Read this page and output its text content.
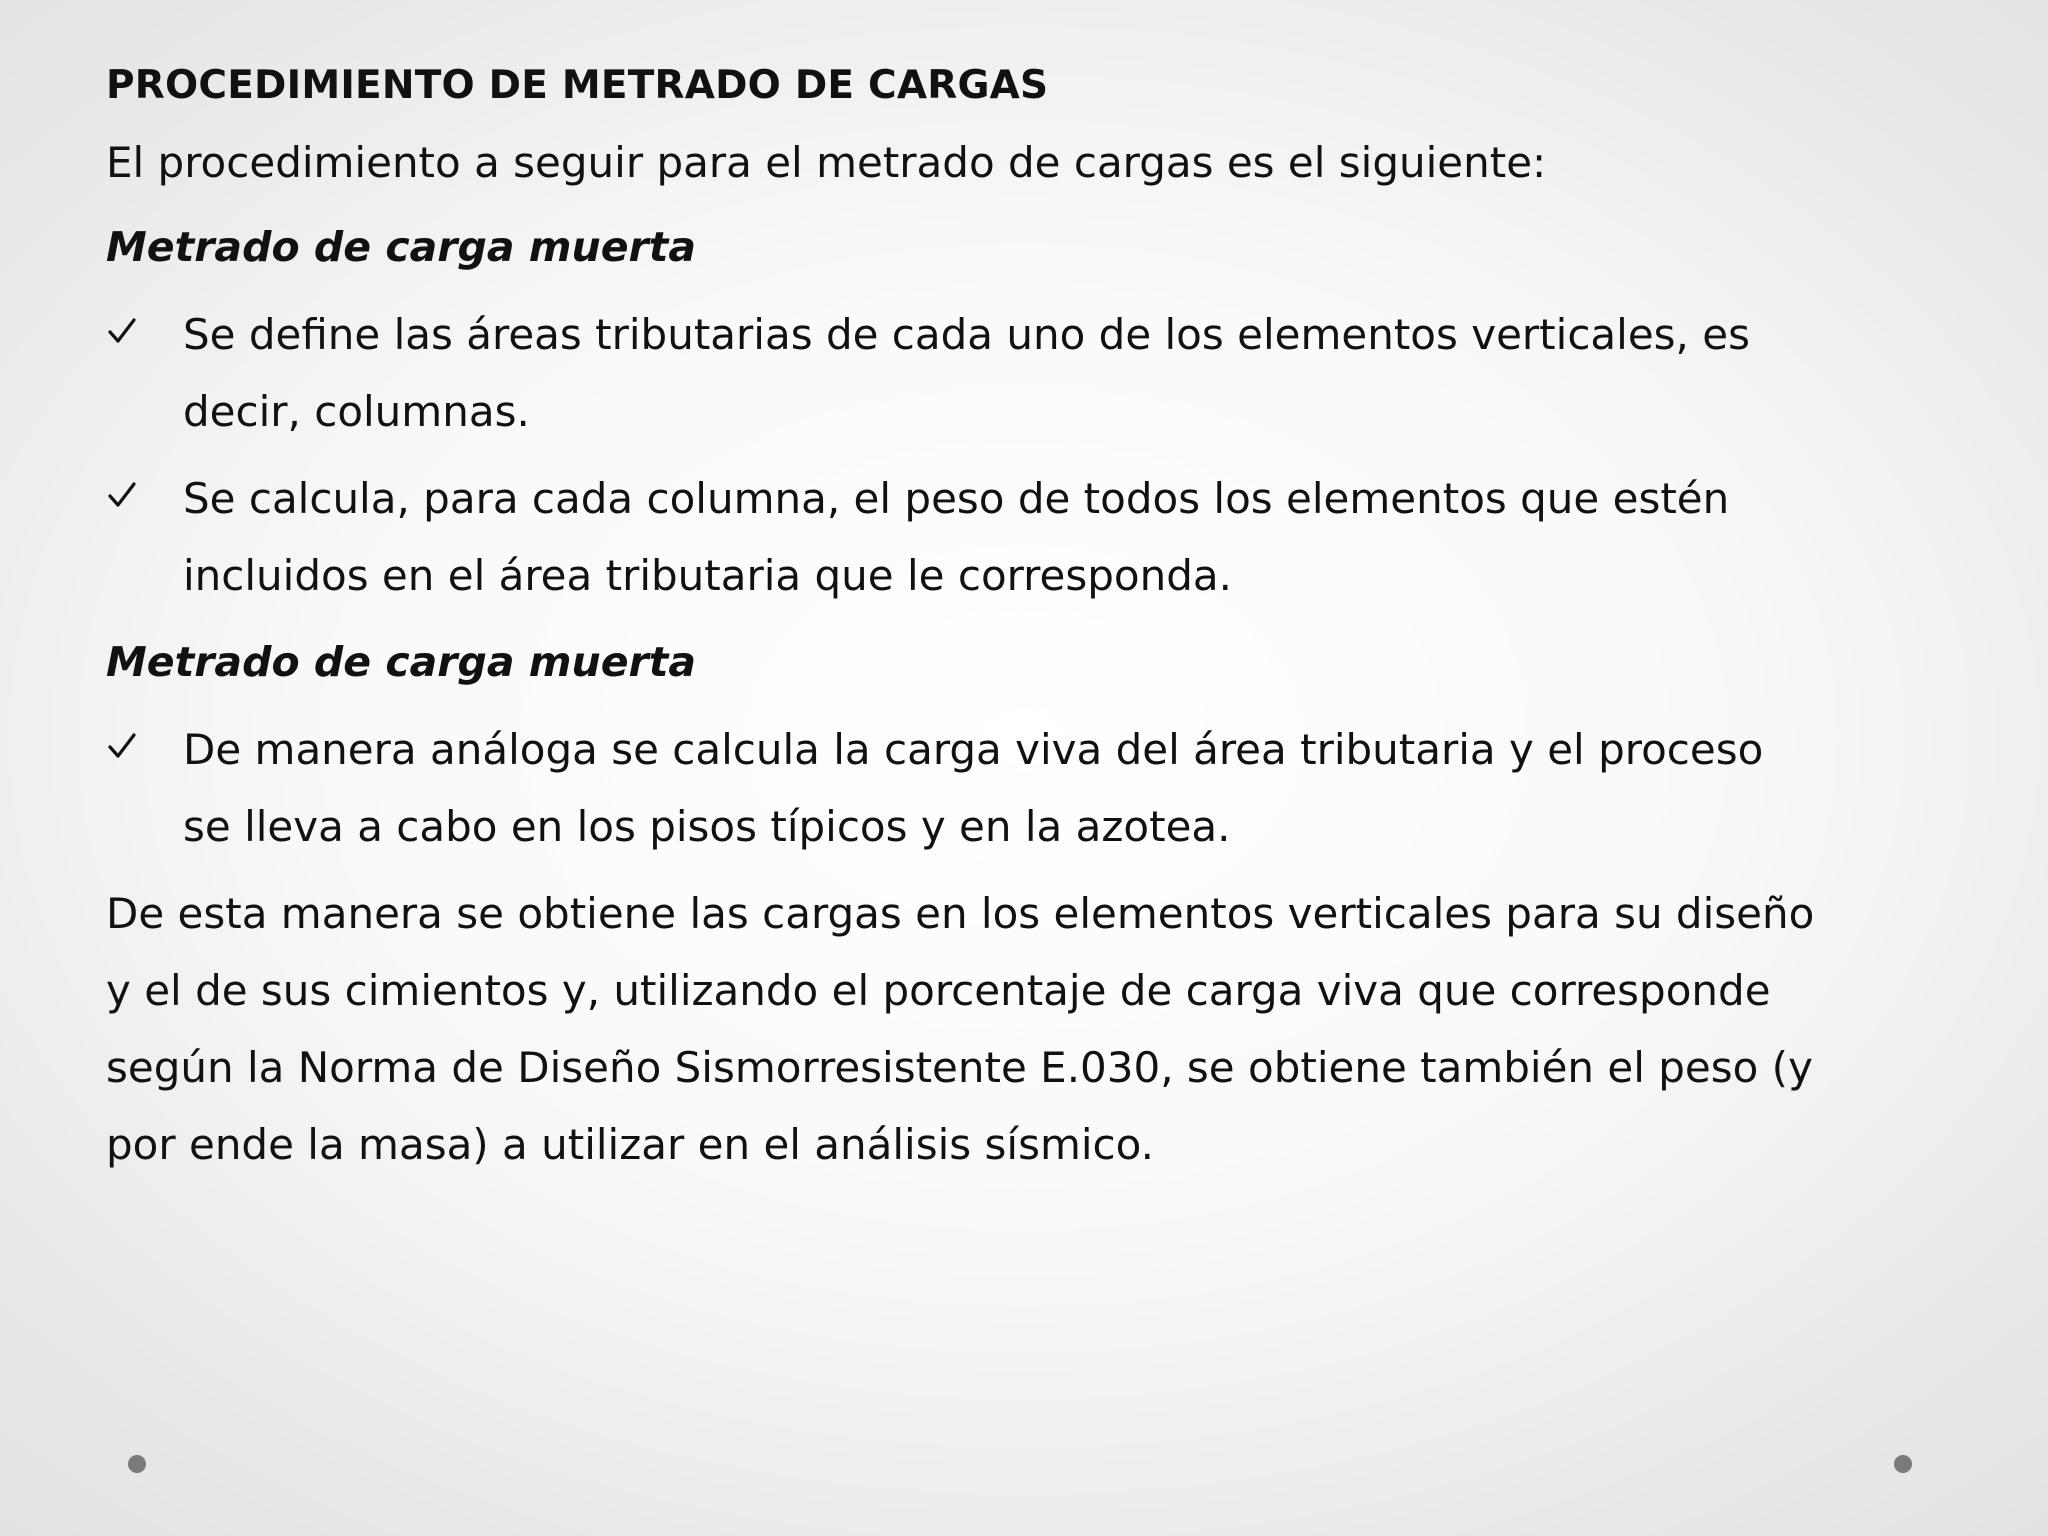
PROCEDIMIENTO DE METRADO DE CARGAS

El procedimiento a seguir para el metrado de cargas es el siguiente:

Metrado de carga muerta
Se define las áreas tributarias de cada uno de los elementos verticales, es
decir, columnas.
Se calcula, para cada columna, el peso de todos los elementos que estén
incluidos en el área tributaria que le corresponda.
Metrado de carga muerta
De manera análoga se calcula la carga viva del área tributaria y el proceso
se lleva a cabo en los pisos típicos y en la azotea.
De esta manera se obtiene las cargas en los elementos verticales para su diseño
y el de sus cimientos y, utilizando el porcentaje de carga viva que corresponde
según la Norma de Diseño Sismorresistente E.030, se obtiene también el peso (y
por ende la masa) a utilizar en el análisis sísmico.
